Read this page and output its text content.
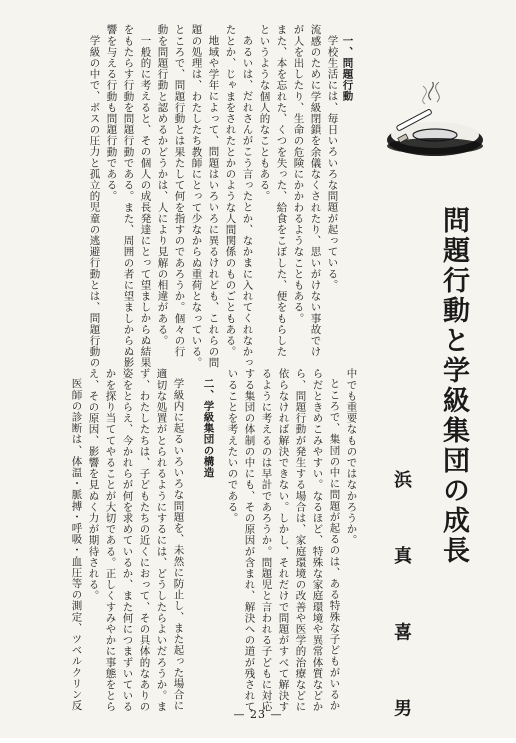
問題行動と学級集団の成長
浜 真 喜 男
一、問題行動
学校生活には、毎日いろいろな問題が起っている。
流感のために学級閉鎖を余儀なくされたり、思いがけない事故でけ
が人を出したり、生命の危険にかかわるようなこともある。
また、本を忘れた、くつを失った、給食をこぼした、便をもらした
というような個人的なこともある。
あるいは、だれさんがこう言ったとか、なかまに入れてくれなかっ
たとか、じゃまをされたとかのような人間関係のものごともある。
地域や学年によって、問題はいろいろに異るけれども、これらの問
題の処理は、わたしたち教師にとって少なからぬ重荷となっている。
ところで、問題行動とは果たして何を指すのであろうか。個々の行
動を問題行動と認めるかどうかは、人により見解の相違がある。
一般的に考えると、その個人の成長発達にとって望ましからぬ結果
をもたらす行動を問題行動である。また、周囲の者に望ましからぬ影
響を与える行動も問題行動である。
学級の中で、ボスの圧力と孤立的児童の逃避行動とは、問題行動の
中でも重要なものではなかろうか。
ところで、集団の中に問題が起るのは、ある特殊な子どもがいるか
らだときめこみやすい。なるほど、特殊な家庭環境や異常体質などか
ら、問題行動が発生する場合は、家庭環境の改善や医学的治療などに
依らなければ解決できない。しかし、それだけで問題がすべて解決す
るように考えるのは早計であろうか。問題児と言われる子どもに対応
する集団の体制の中にも、その原因が含まれ、解決への道が残されて
いることを考えたいのである。
二、学級集団の構造
学級内に起るいろいろな問題を、未然に防止し、また起った場合に
適切な処置がとられるようにするには、どうしたらよいだろうか。ま
ず、わたしたちは、子どもたちの近くにおって、その具体的なありの
姿をとらえ、今かれらが何を求めているか、また何につまずいている
かを探り当ててやることが大切である。正しくすみやかに事態をとら
え、その原因、影響を見ぬく力が期待される。
医師の診断は、体温・脈搏・呼吸・血圧等の測定、ツベルクリン反
— 23 —
